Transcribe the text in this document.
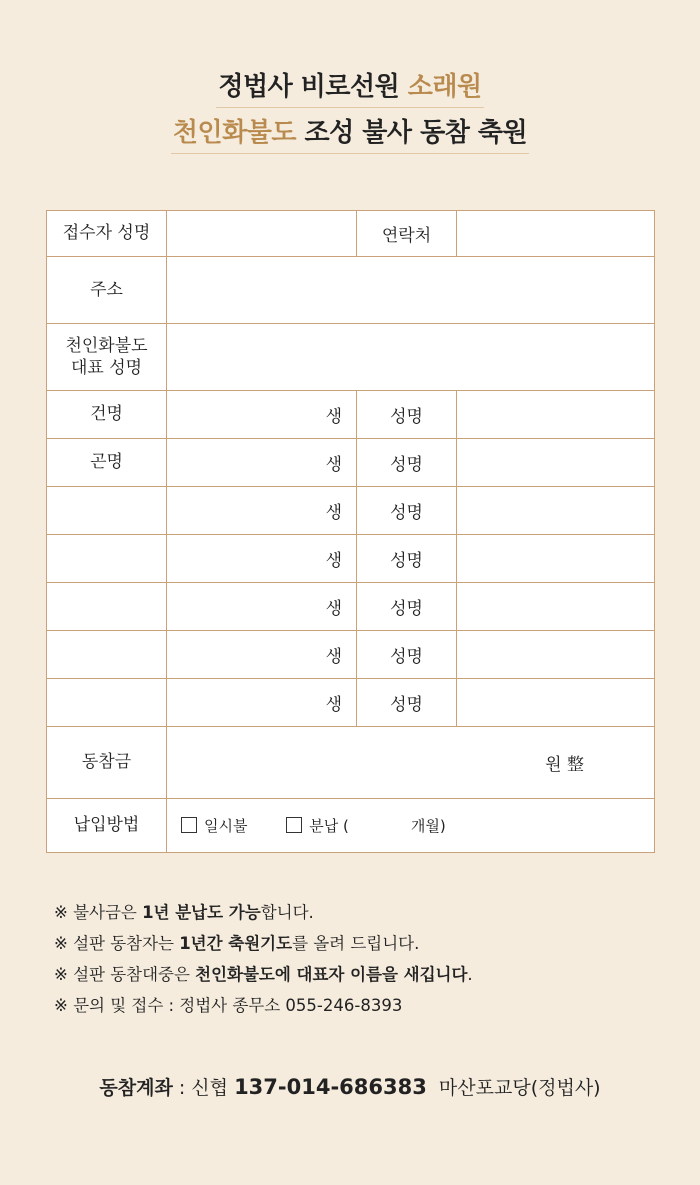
정법사 비로선원 소래원
천인화불도 조성 불사 동참 축원
접수자 성명		연락처	
주소			

천인화불도
대표 성명			

건명	생	성명	
곤명	생	성명	
	생	성명	
	생	성명	
	생	성명	
	생	성명	
	생	성명	
동참금	원 整		
납입방법	일시불 분납 ( 개월)		
※ 불사금은 1년 분납도 가능합니다.
※ 설판 동참자는 1년간 축원기도를 올려 드립니다.
※ 설판 동참대중은 천인화불도에 대표자 이름을 새깁니다.
※ 문의 및 접수 : 정법사 종무소 055-246-8393
동참계좌 : 신협 137-014-686383  마산포교당(정법사)
